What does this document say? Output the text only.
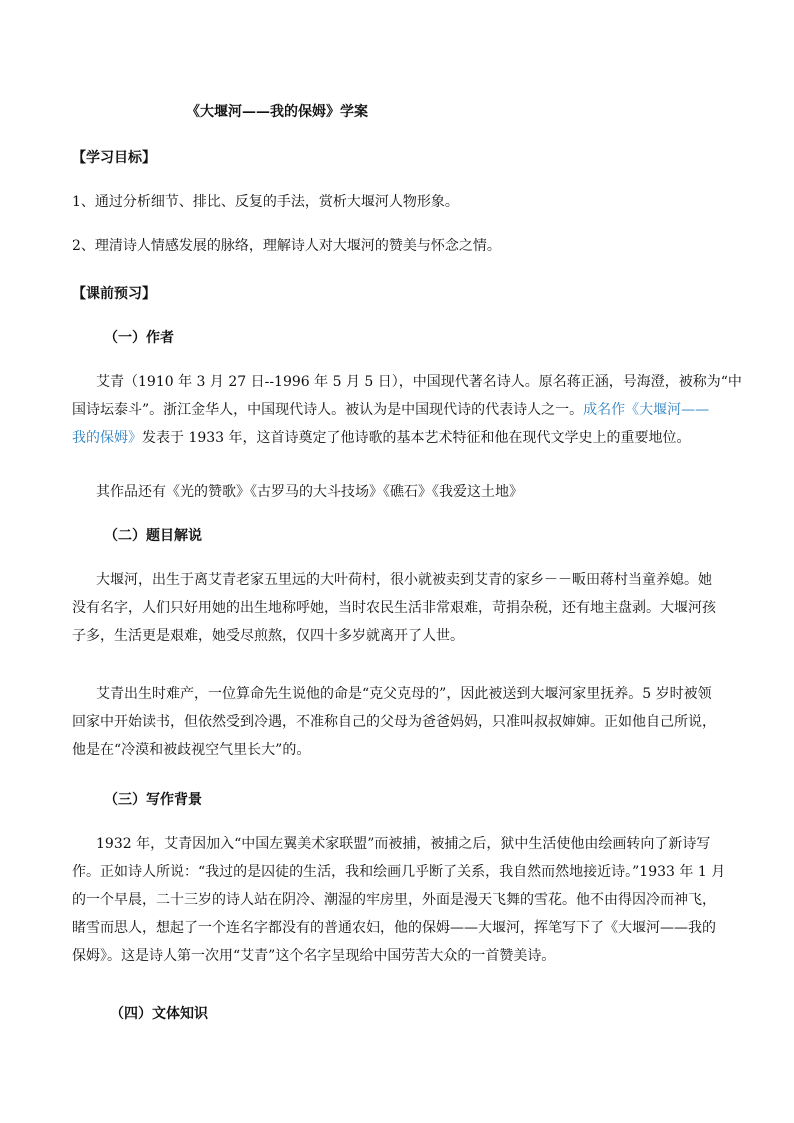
《大堰河——我的保姆》学案
【学习目标】
1、通过分析细节、排比、反复的手法，赏析大堰河人物形象。
2、理清诗人情感发展的脉络，理解诗人对大堰河的赞美与怀念之情。
【课前预习】
（一）作者
艾青（1910 年 3 月 27 日--1996 年 5 月 5 日），中国现代著名诗人。原名蒋正涵，号海澄，被称为“中
国诗坛泰斗”。浙江金华人，中国现代诗人。被认为是中国现代诗的代表诗人之一。成名作《大堰河——
我的保姆》发表于 1933 年，这首诗奠定了他诗歌的基本艺术特征和他在现代文学史上的重要地位。
其作品还有《光的赞歌》《古罗马的大斗技场》《礁石》《我爱这土地》
（二）题目解说
大堰河，出生于离艾青老家五里远的大叶荷村，很小就被卖到艾青的家乡－－畈田蒋村当童养媳。她
没有名字，人们只好用她的出生地称呼她，当时农民生活非常艰难，苛捐杂税，还有地主盘剥。大堰河孩
子多，生活更是艰难，她受尽煎熬，仅四十多岁就离开了人世。
艾青出生时难产，一位算命先生说他的命是“克父克母的”，因此被送到大堰河家里抚养。5 岁时被领
回家中开始读书，但依然受到冷遇，不准称自己的父母为爸爸妈妈，只准叫叔叔婶婶。正如他自己所说，
他是在“冷漠和被歧视空气里长大”的。
（三）写作背景
1932 年，艾青因加入“中国左翼美术家联盟”而被捕，被捕之后，狱中生活使他由绘画转向了新诗写
作。正如诗人所说：“我过的是囚徒的生活，我和绘画几乎断了关系，我自然而然地接近诗。”1933 年 1 月
的一个早晨，二十三岁的诗人站在阴冷、潮湿的牢房里，外面是漫天飞舞的雪花。他不由得因冷而神飞，
睹雪而思人，想起了一个连名字都没有的普通农妇，他的保姆——大堰河，挥笔写下了《大堰河——我的
保姆》。这是诗人第一次用“艾青”这个名字呈现给中国劳苦大众的一首赞美诗。
（四）文体知识
